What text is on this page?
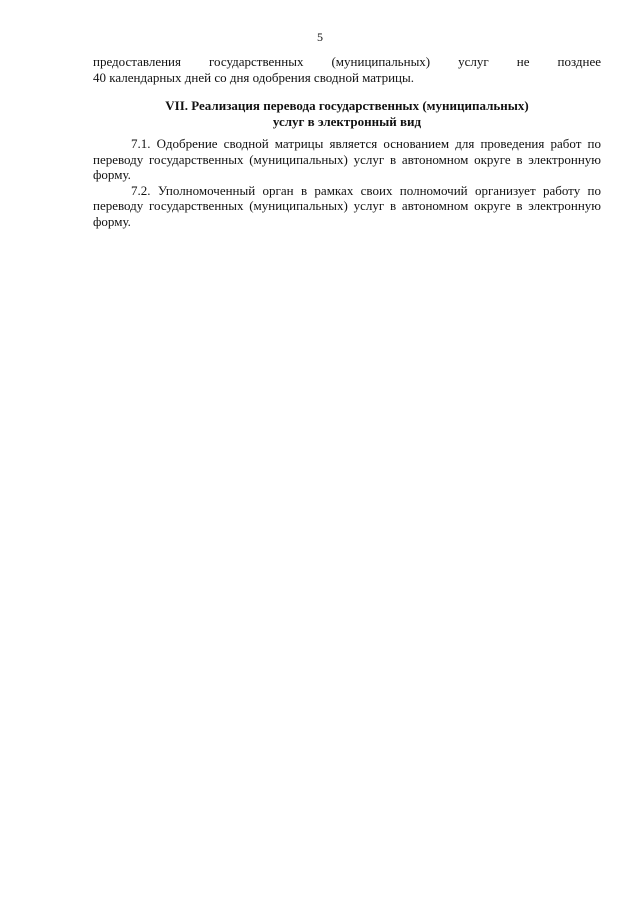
5
предоставления государственных (муниципальных) услуг не позднее
40 календарных дней со дня одобрения сводной матрицы.
VII. Реализация перевода государственных (муниципальных)
услуг в электронный вид

7.1. Одобрение сводной матрицы является основанием для проведения работ по переводу государственных (муниципальных) услуг в автономном округе в электронную форму.

7.2. Уполномоченный орган в рамках своих полномочий организует работу по переводу государственных (муниципальных) услуг в автономном округе в электронную форму.
